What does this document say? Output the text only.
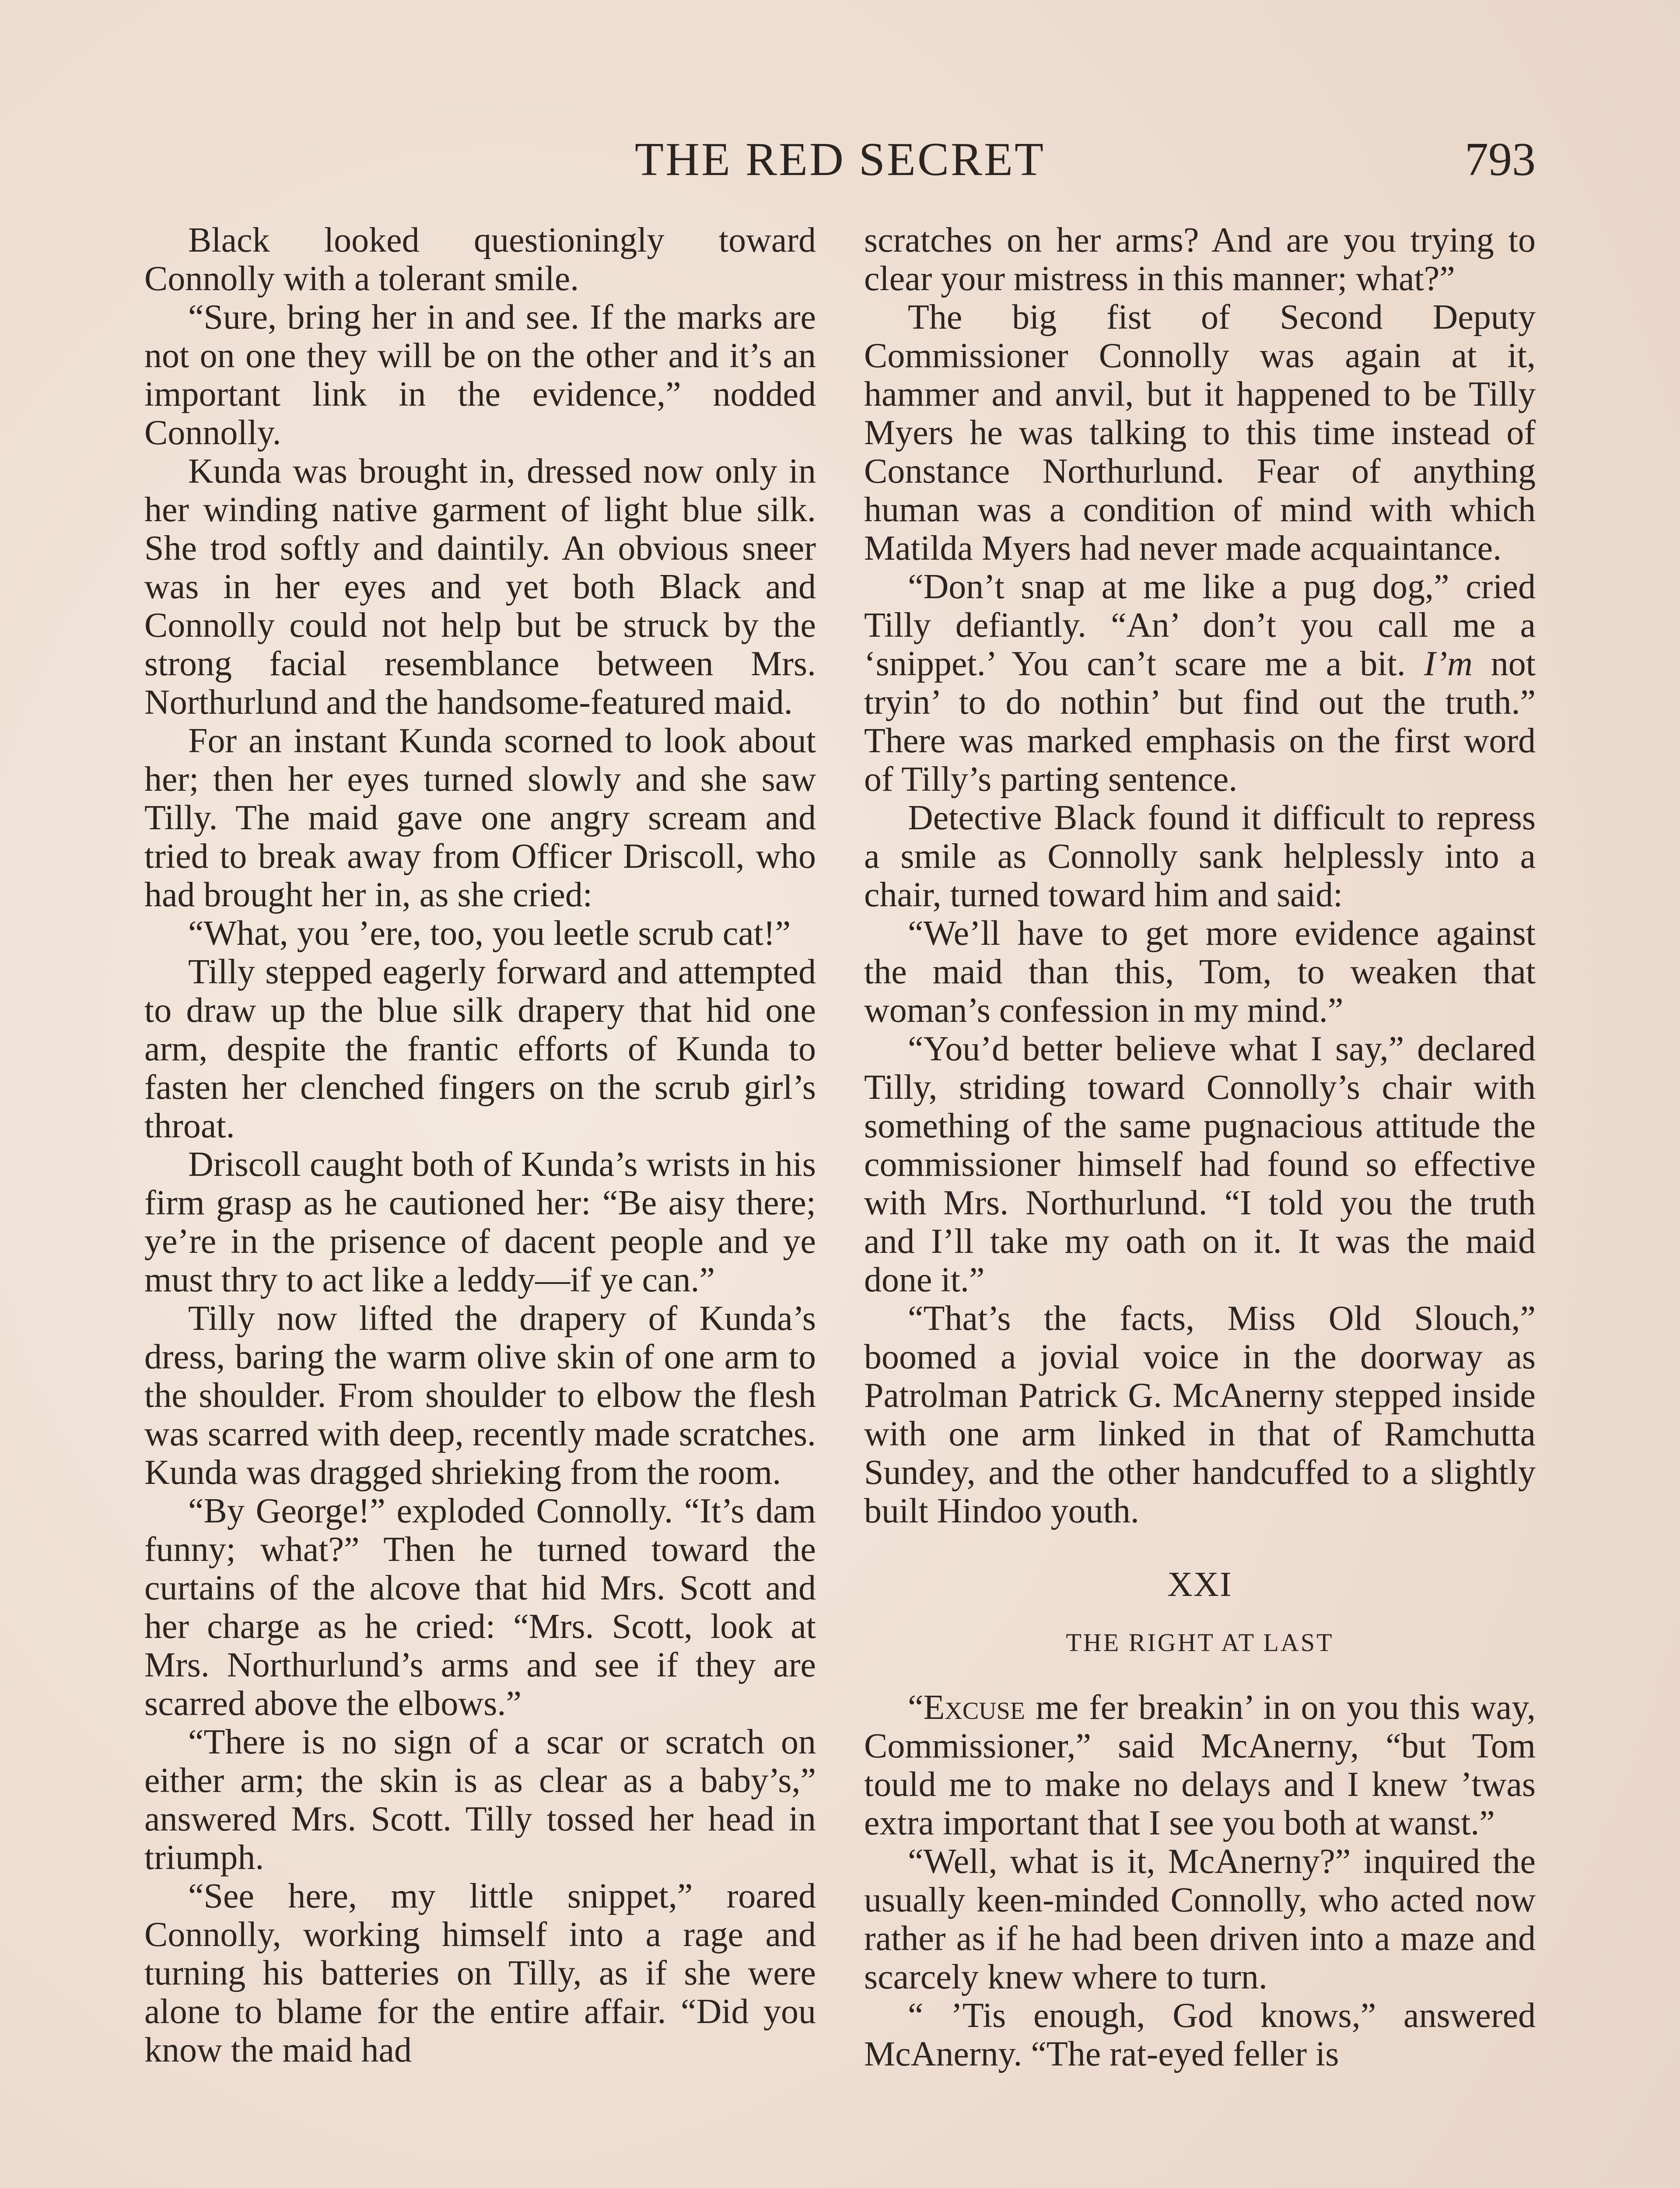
THE RED SECRET	793

Black looked questioningly toward Connolly with a tolerant smile.

“Sure, bring her in and see. If the marks are not on one they will be on the other and it’s an important link in the evidence,” nodded Connolly.

Kunda was brought in, dressed now only in her winding native garment of light blue silk. She trod softly and daintily. An obvious sneer was in her eyes and yet both Black and Connolly could not help but be struck by the strong facial resemblance between Mrs. Northurlund and the handsome-featured maid.

For an instant Kunda scorned to look about her; then her eyes turned slowly and she saw Tilly. The maid gave one angry scream and tried to break away from Officer Driscoll, who had brought her in, as she cried:

“What, you ’ere, too, you leetle scrub cat!”

Tilly stepped eagerly forward and attempted to draw up the blue silk drapery that hid one arm, despite the frantic efforts of Kunda to fasten her clenched fingers on the scrub girl’s throat.

Driscoll caught both of Kunda’s wrists in his firm grasp as he cautioned her: “Be aisy there; ye’re in the prisence of dacent people and ye must thry to act like a leddy—if ye can.”

Tilly now lifted the drapery of Kunda’s dress, baring the warm olive skin of one arm to the shoulder. From shoulder to elbow the flesh was scarred with deep, recently made scratches. Kunda was dragged shrieking from the room.

“By George!” exploded Connolly. “It’s dam funny; what?” Then he turned toward the curtains of the alcove that hid Mrs. Scott and her charge as he cried: “Mrs. Scott, look at Mrs. Northurlund’s arms and see if they are scarred above the elbows.”

“There is no sign of a scar or scratch on either arm; the skin is as clear as a baby’s,” answered Mrs. Scott. Tilly tossed her head in triumph.

“See here, my little snippet,” roared Connolly, working himself into a rage and turning his batteries on Tilly, as if she were alone to blame for the entire affair. “Did you know the maid had

scratches on her arms? And are you trying to clear your mistress in this manner; what?”

The big fist of Second Deputy Commissioner Connolly was again at it, hammer and anvil, but it happened to be Tilly Myers he was talking to this time instead of Constance Northurlund. Fear of anything human was a condition of mind with which Matilda Myers had never made acquaintance.

“Don’t snap at me like a pug dog,” cried Tilly defiantly. “An’ don’t you call me a ‘snippet.’ You can’t scare me a bit. I’m not tryin’ to do nothin’ but find out the truth.” There was marked emphasis on the first word of Tilly’s parting sentence.

Detective Black found it difficult to repress a smile as Connolly sank helplessly into a chair, turned toward him and said:

“We’ll have to get more evidence against the maid than this, Tom, to weaken that woman’s confession in my mind.”

“You’d better believe what I say,” declared Tilly, striding toward Connolly’s chair with something of the same pugnacious attitude the commissioner himself had found so effective with Mrs. Northurlund. “I told you the truth and I’ll take my oath on it. It was the maid done it.”

“That’s the facts, Miss Old Slouch,” boomed a jovial voice in the doorway as Patrolman Patrick G. McAnerny stepped inside with one arm linked in that of Ramchutta Sundey, and the other handcuffed to a slightly built Hindoo youth.

XXI
THE RIGHT AT LAST

“Excuse me fer breakin’ in on you this way, Commissioner,” said McAnerny, “but Tom tould me to make no delays and I knew ’twas extra important that I see you both at wanst.”

“Well, what is it, McAnerny?” inquired the usually keen-minded Connolly, who acted now rather as if he had been driven into a maze and scarcely knew where to turn.

“ ’Tis enough, God knows,” answered McAnerny. “The rat-eyed feller is
